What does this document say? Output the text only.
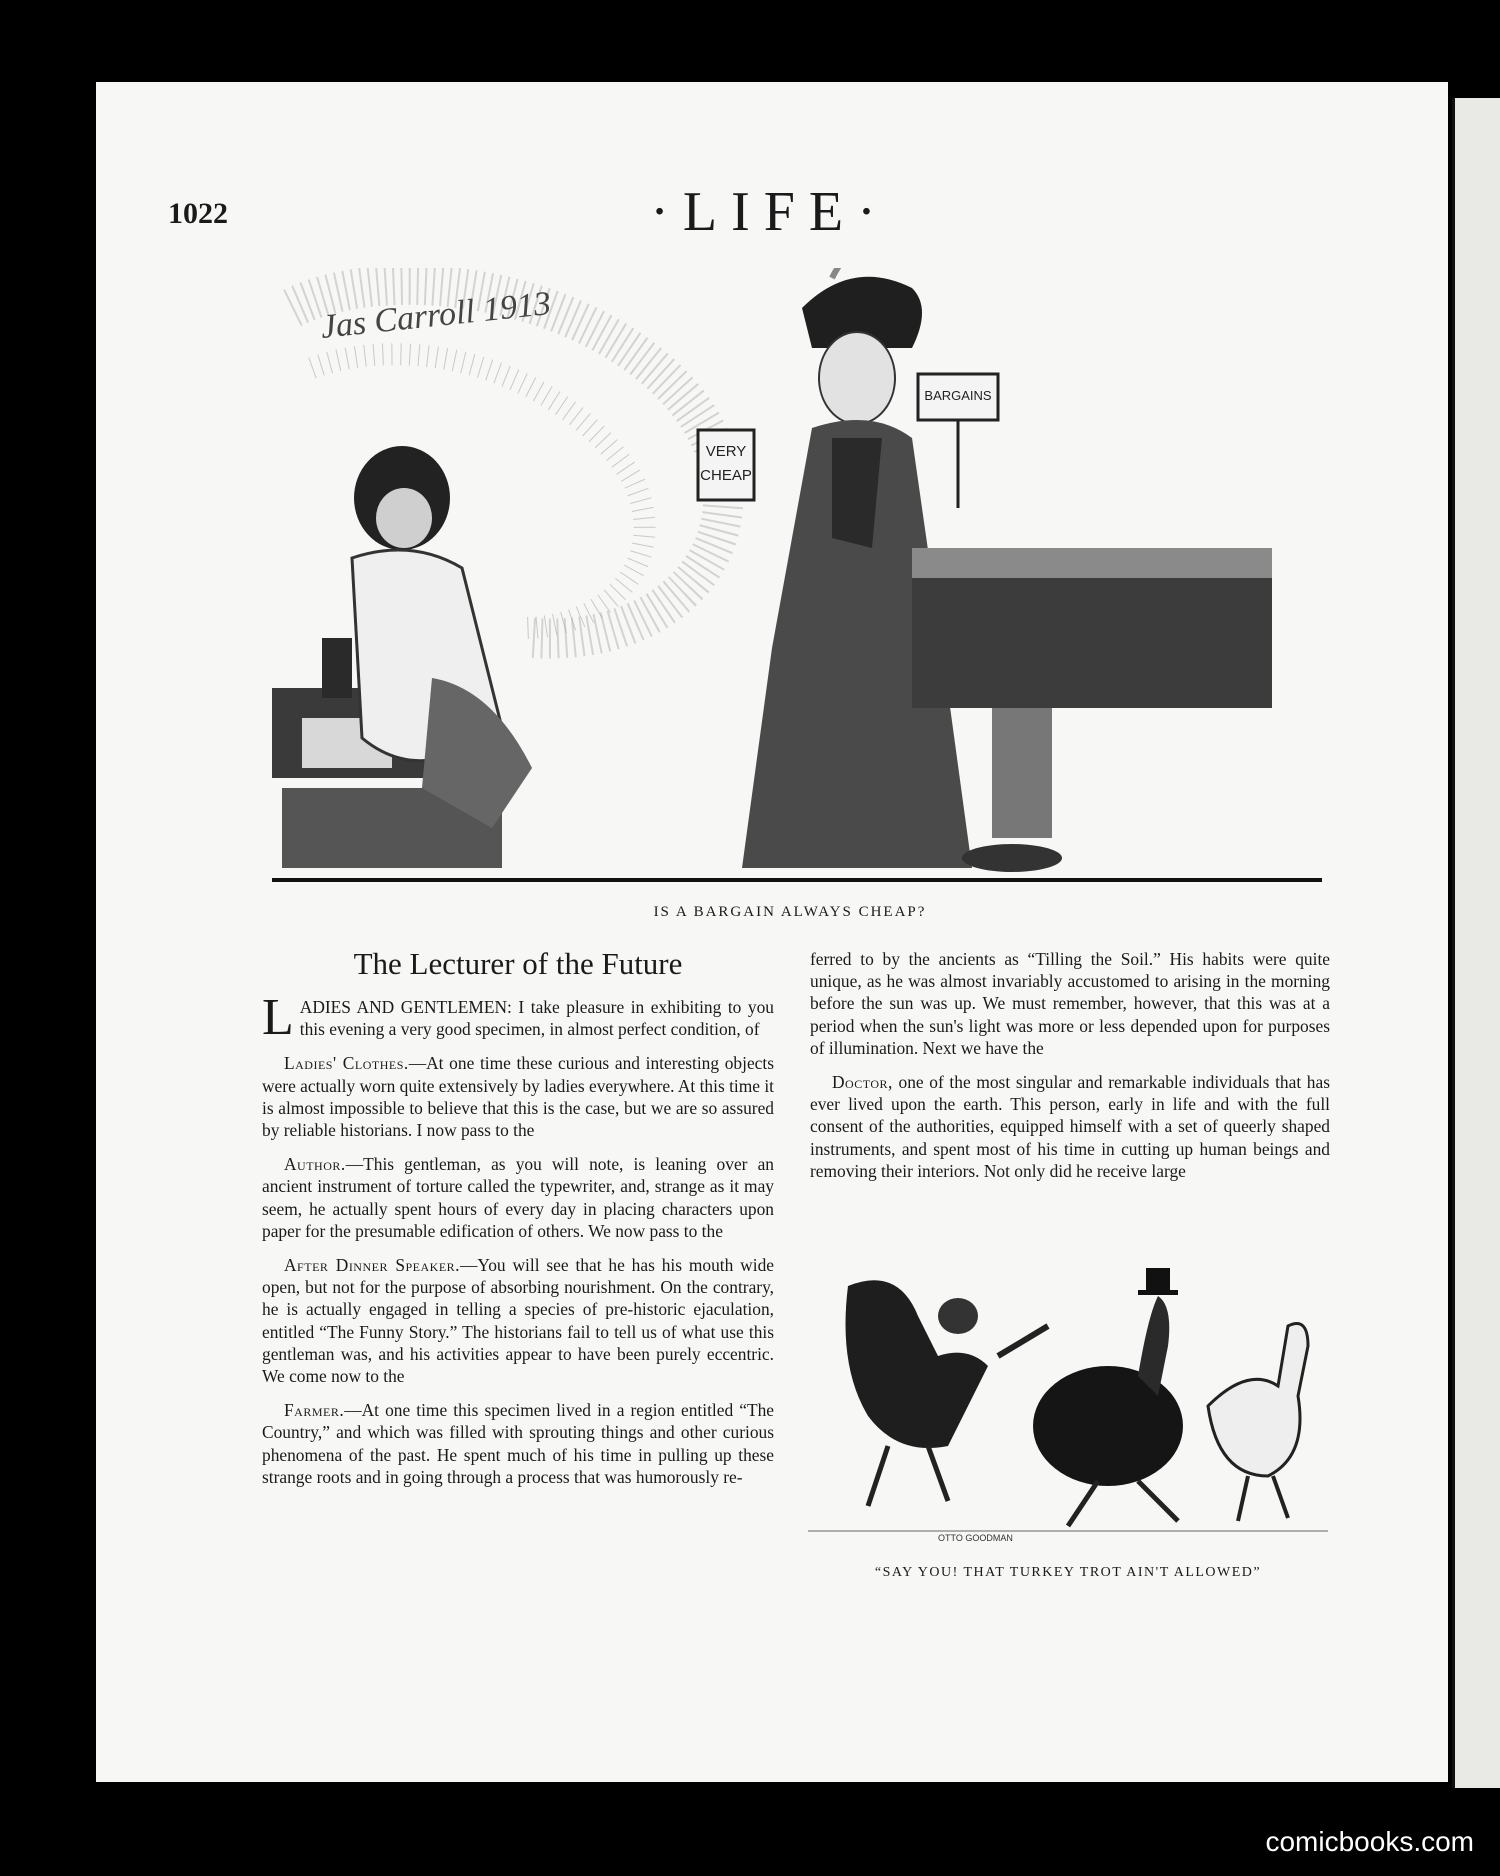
1022	·LIFE·
Jas Carroll 1913
VERY
CHEAP
BARGAINS
IS A BARGAIN ALWAYS CHEAP?
The Lecturer of the Future

LADIES AND GENTLEMEN: I take pleasure in exhibiting to you this evening a very good specimen, in almost perfect condition, of

Ladies' Clothes.—At one time these curious and interesting objects were actually worn quite extensively by ladies everywhere. At this time it is almost impossible to believe that this is the case, but we are so assured by reliable historians. I now pass to the

Author.—This gentleman, as you will note, is leaning over an ancient instrument of torture called the typewriter, and, strange as it may seem, he actually spent hours of every day in placing characters upon paper for the presumable edification of others. We now pass to the

After Dinner Speaker.—You will see that he has his mouth wide open, but not for the purpose of absorbing nourishment. On the contrary, he is actually engaged in telling a species of pre-historic ejaculation, entitled “The Funny Story.” The historians fail to tell us of what use this gentleman was, and his activities appear to have been purely eccentric. We come now to the

Farmer.—At one time this specimen lived in a region entitled “The Country,” and which was filled with sprouting things and other curious phenomena of the past. He spent much of his time in pulling up these strange roots and in going through a process that was humorously re-

ferred to by the ancients as “Tilling the Soil.” His habits were quite unique, as he was almost invariably accustomed to arising in the morning before the sun was up. We must remember, however, that this was at a period when the sun's light was more or less depended upon for purposes of illumination. Next we have the

Doctor, one of the most singular and remarkable individuals that has ever lived upon the earth. This person, early in life and with the full consent of the authorities, equipped himself with a set of queerly shaped instruments, and spent most of his time in cutting up human beings and removing their interiors. Not only did he receive large

OTTO GOODMAN
“SAY YOU! THAT TURKEY TROT AIN'T ALLOWED”
comicbooks.com
